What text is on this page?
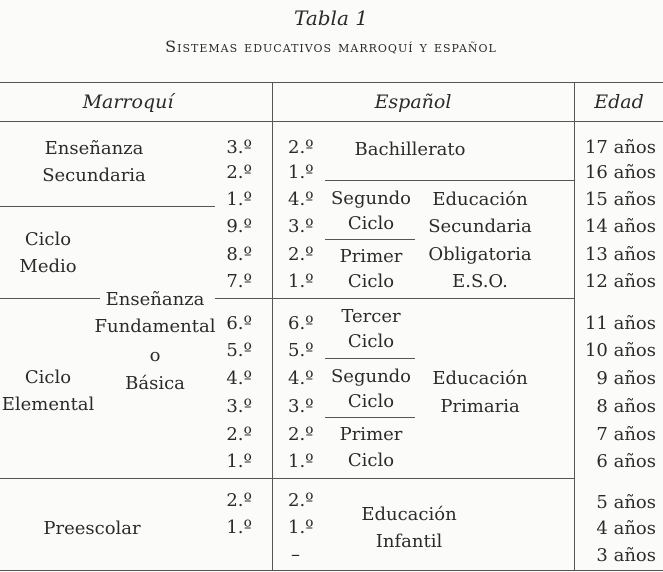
Tabla 1
Sistemas educativos marroquí y español
Marroquí	Español	Edad
Enseñanza
Secundaria
Ciclo
Medio
Enseñanza
Fundamental
o
Básica
Ciclo
Elemental
Preescolar
3.º
2.º
1.º
9.º
8.º
7.º
6.º
5.º
4.º
3.º
2.º
1.º
2.º
1.º
2.º
1.º
4.º
3.º
2.º
1.º
6.º
5.º
4.º
3.º
2.º
1.º
2.º
1.º
–
Bachillerato
Segundo
Ciclo
Primer
Ciclo
Educación
Secundaria
Obligatoria
E.S.O.
Tercer
Ciclo
Segundo
Ciclo
Primer
Ciclo
Educación
Primaria
Educación
Infantil
17 años
16 años
15 años
14 años
13 años
12 años
11 años
10 años
9 años
8 años
7 años
6 años
5 años
4 años
3 años
